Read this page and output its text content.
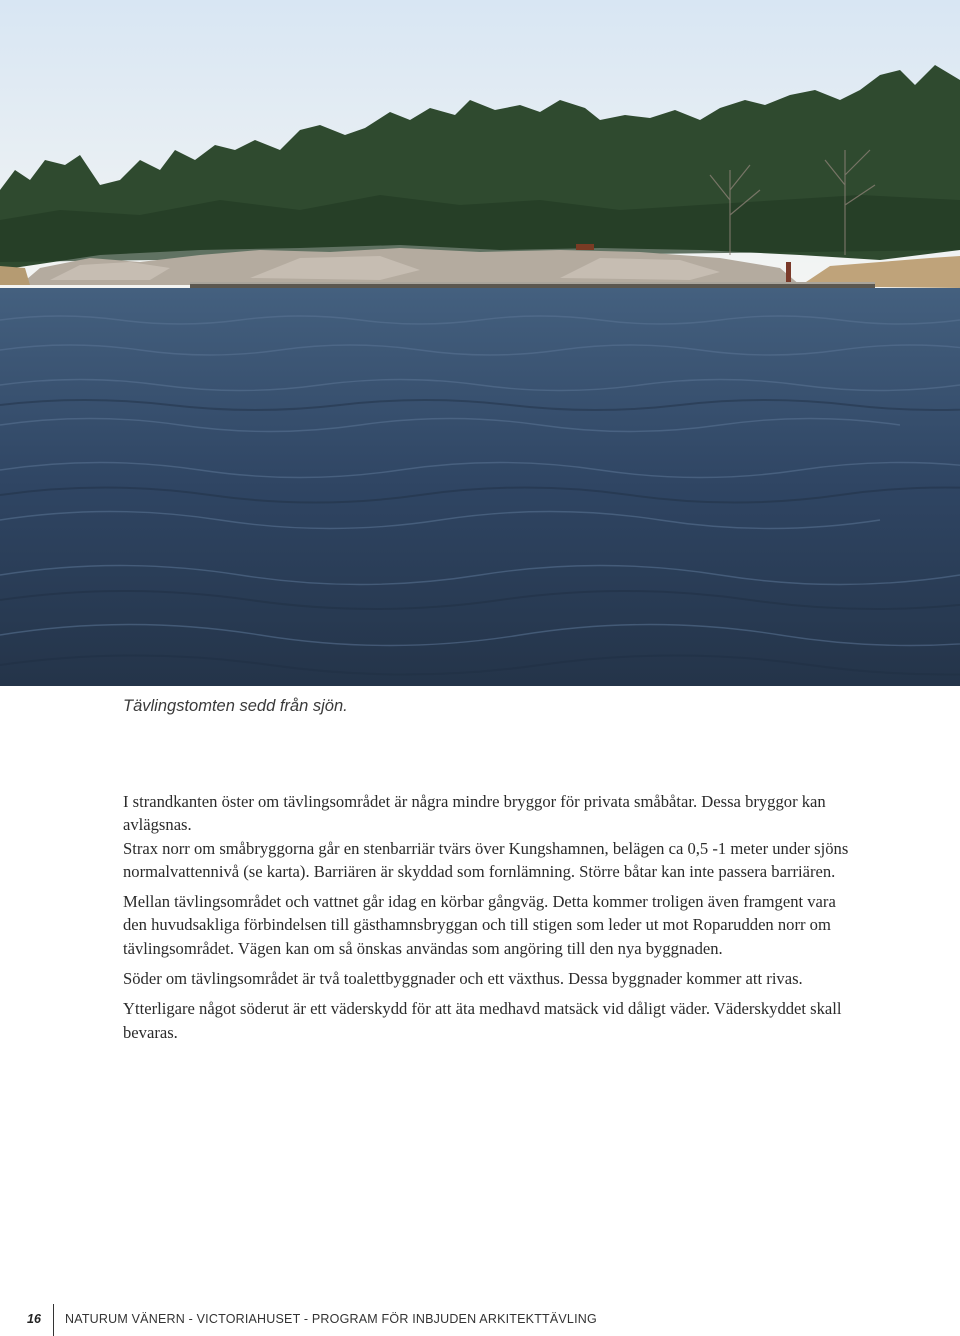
Tävlingstomten sedd från sjön.

I strandkanten öster om tävlingsområdet är några mindre bryggor för privata småbåtar. Dessa bryggor kan avlägsnas.

Strax norr om småbryggorna går en stenbarriär tvärs över Kungshamnen, belägen ca 0,5 -1 meter under sjöns normalvattennivå (se karta). Barriären är skyddad som fornlämning. Större båtar kan inte passera barriären.

Mellan tävlingsområdet och vattnet går idag en körbar gångväg. Detta kommer troligen även framgent vara den huvudsakliga förbindelsen till gästhamnsbryggan och till stigen som leder ut mot Roparudden norr om tävlingsområdet. Vägen kan om så önskas användas som angöring till den nya byggnaden.

Söder om tävlingsområdet är två toalettbyggnader och ett växthus. Dessa byggnader kommer att rivas.

Ytterligare något söderut är ett väderskydd för att äta medhavd matsäck vid dåligt väder. Väderskyddet skall bevaras.

16 NATURUM VÄNERN - VICTORIAHUSET - PROGRAM FÖR INBJUDEN ARKITEKTTÄVLING
